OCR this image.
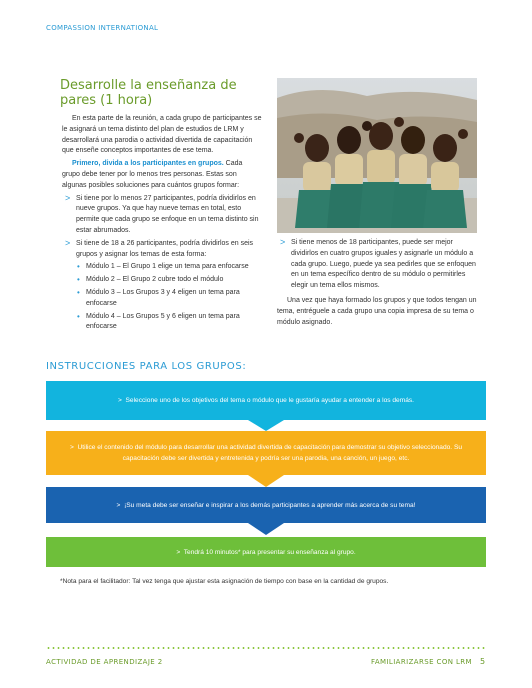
COMPASSION INTERNATIONAL
Desarrolle la enseñanza de pares (1 hora)

En esta parte de la reunión, a cada grupo de participantes se le asignará un tema distinto del plan de estudios de LRM y desarrollará una parodia o actividad divertida de capacitación que enseñe conceptos importantes de ese tema.

Primero, divida a los participantes en grupos. Cada grupo debe tener por lo menos tres personas. Estas son algunas posibles soluciones para cuántos grupos formar:

> Si tiene por lo menos 27 participantes, podría dividirlos en nueve grupos. Ya que hay nueve temas en total, esto permite que cada grupo se enfoque en un tema distinto sin estar abrumados.
> Si tiene de 18 a 26 participantes, podría dividirlos en seis grupos y asignar los temas de esta forma:
• Módulo 1 – El Grupo 1 elige un tema para enfocarse
• Módulo 2 – El Grupo 2 cubre todo el módulo
• Módulo 3 – Los Grupos 3 y 4 eligen un tema para enfocarse
• Módulo 4 – Los Grupos 5 y 6 eligen un tema para enfocarse
> Si tiene menos de 18 participantes, puede ser mejor dividirlos en cuatro grupos iguales y asignarle un módulo a cada grupo. Luego, puede ya sea pedirles que se enfoquen en un tema específico dentro de su módulo o permitirles elegir un tema ellos mismos.

Una vez que haya formado los grupos y que todos tengan un tema, entréguele a cada grupo una copia impresa de su tema o módulo asignado.

INSTRUCCIONES PARA LOS GRUPOS:
> Seleccione uno de los objetivos del tema o módulo que le gustaría ayudar a entender a los demás.
> Utilice el contenido del módulo para desarrollar una actividad divertida de capacitación para demostrar su objetivo seleccionado. Su capacitación debe ser divertida y entretenida y podría ser una parodia, una canción, un juego, etc.
> ¡Su meta debe ser enseñar e inspirar a los demás participantes a aprender más acerca de su tema!
> Tendrá 10 minutos* para presentar su enseñanza al grupo.
*Nota para el facilitador: Tal vez tenga que ajustar esta asignación de tiempo con base en la cantidad de grupos.
ACTIVIDAD DE APRENDIZAJE 2	FAMILIARIZARSE CON LRM 5
